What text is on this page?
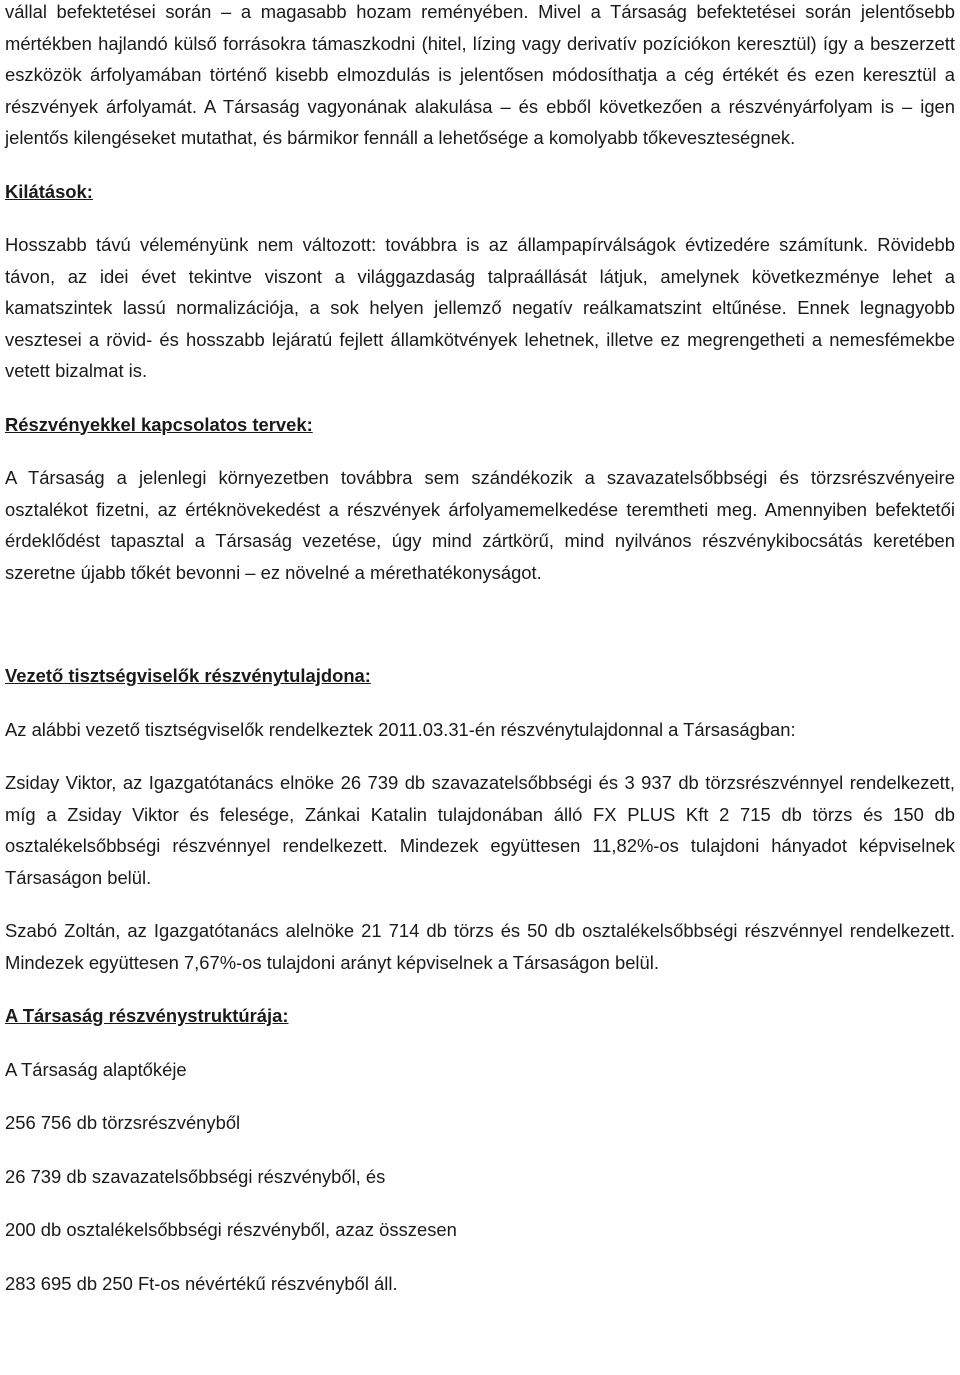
vállal befektetései során – a magasabb hozam reményében. Mivel a Társaság befektetései során jelentősebb mértékben hajlandó külső forrásokra támaszkodni (hitel, lízing vagy derivatív pozíciókon keresztül) így a beszerzett eszközök árfolyamában történő kisebb elmozdulás is jelentősen módosíthatja a cég értékét és ezen keresztül a részvények árfolyamát. A Társaság vagyonának alakulása – és ebből következően a részvényárfolyam is – igen jelentős kilengéseket mutathat, és bármikor fennáll a lehetősége a komolyabb tőkeveszteségnek.

Kilátások:

Hosszabb távú véleményünk nem változott: továbbra is az állampapírválságok évtizedére számítunk. Rövidebb távon, az idei évet tekintve viszont a világgazdaság talpraállását látjuk, amelynek következménye lehet a kamatszintek lassú normalizációja, a sok helyen jellemző negatív reálkamatszint eltűnése. Ennek legnagyobb vesztesei a rövid- és hosszabb lejáratú fejlett államkötvények lehetnek, illetve ez megrengetheti a nemesfémekbe vetett bizalmat is.

Részvényekkel kapcsolatos tervek:

A Társaság a jelenlegi környezetben továbbra sem szándékozik a szavazatelsőbbségi és törzsrészvényeire osztalékot fizetni, az értéknövekedést a részvények árfolyamemelkedése teremtheti meg. Amennyiben befektetői érdeklődést tapasztal a Társaság vezetése, úgy mind zártkörű, mind nyilvános részvénykibocsátás keretében szeretne újabb tőkét bevonni – ez növelné a mérethatékonyságot.

Vezető tisztségviselők részvénytulajdona:

Az alábbi vezető tisztségviselők rendelkeztek 2011.03.31-én részvénytulajdonnal a Társaságban:

Zsiday Viktor, az Igazgatótanács elnöke 26 739 db szavazatelsőbbségi és 3 937 db törzsrészvénnyel rendelkezett, míg a Zsiday Viktor és felesége, Zánkai Katalin tulajdonában álló FX PLUS Kft 2 715 db törzs és 150 db osztalékelsőbbségi részvénnyel rendelkezett. Mindezek együttesen 11,82%-os tulajdoni hányadot képviselnek Társaságon belül.

Szabó Zoltán, az Igazgatótanács alelnöke 21 714 db törzs és 50 db osztalékelsőbbségi részvénnyel rendelkezett. Mindezek együttesen 7,67%-os tulajdoni arányt képviselnek a Társaságon belül.

A Társaság részvénystruktúrája:

A Társaság alaptőkéje

256 756 db törzsrészvényből

26 739 db szavazatelsőbbségi részvényből, és

200 db osztalékelsőbbségi részvényből, azaz összesen

283 695 db 250 Ft-os névértékű részvényből áll.
